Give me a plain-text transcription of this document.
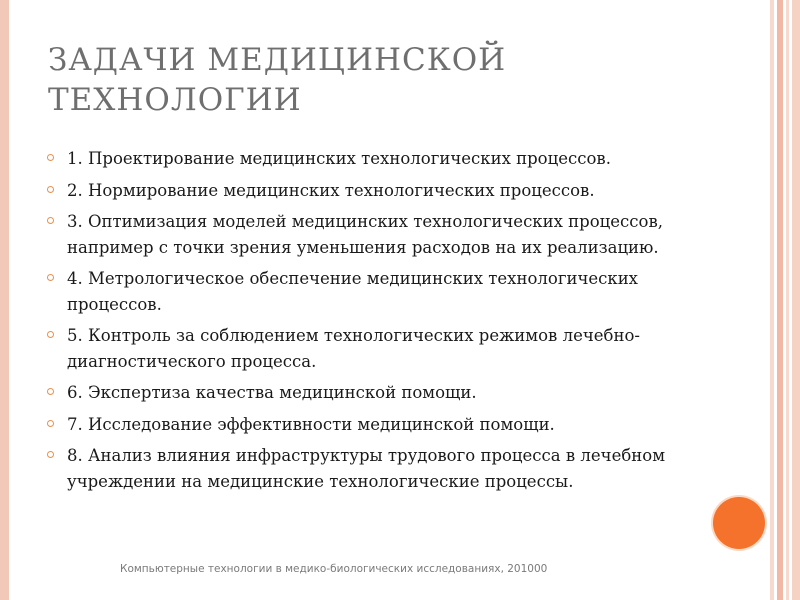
ЗАДАЧИ МЕДИЦИНСКОЙ
ТЕХНОЛОГИИ
1. Проектирование медицинских технологических процессов.
2. Нормирование медицинских технологических процессов.
3. Оптимизация моделей медицинских технологических процессов, например с точки зрения уменьшения расходов на их реализацию.
4. Метрологическое обеспечение медицинских технологических процессов.
5. Контроль за соблюдением технологических режимов лечебно-диагностического процесса.
6. Экспертиза качества медицинской помощи.
7. Исследование эффективности медицинской помощи.
8. Анализ влияния инфраструктуры трудового процесса в лечебном учреждении на медицинские технологические процессы.
Компьютерные технологии в медико-биологических исследованиях, 201000
